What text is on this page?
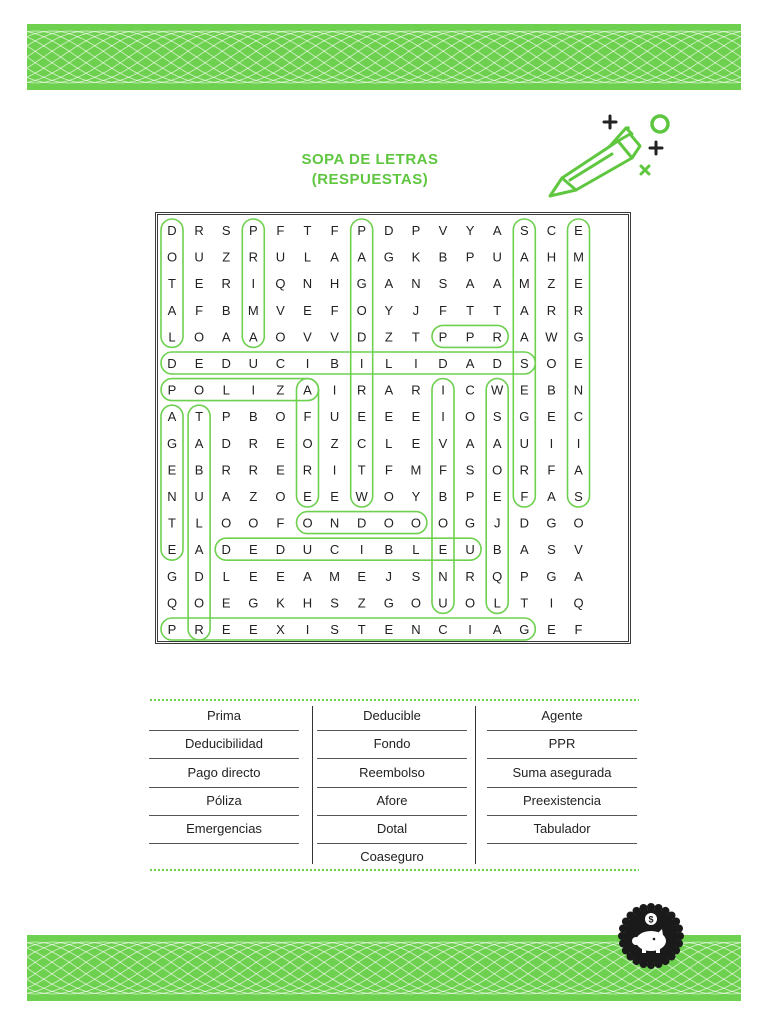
SOPA DE LETRAS
(RESPUESTAS)
D R S P F T F P D P V Y A S C E
O U Z R U L A A G K B P U A H M
T E R I Q N H G A N S A A M Z E
A F B M V E F O Y J F T T A R R
L O A A O V V D Z T P P R A W G
D E D U C I B I L I D A D S O E
P O L I Z A I R A R I C W E B N
A T P B O F U E E E I O S G E C
G A D R E O Z C L E V A A U I I
E B R R E R I T F M F S O R F A
N U A Z O E E W O Y B P E F A S
T L O O F O N D O O O G J D G O
E A D E D U C I B L E U B A S V
G D L E E A M E J S N R Q P G A
Q O E G K H S Z G O U O L T I Q
P R E E X I S T E N C I A G E F
Prima
Deducibilidad
Pago directo
Póliza
Emergencias
Deducible
Fondo
Reembolso
Afore
Dotal
Coaseguro
Agente
PPR
Suma asegurada
Preexistencia
Tabulador
$
